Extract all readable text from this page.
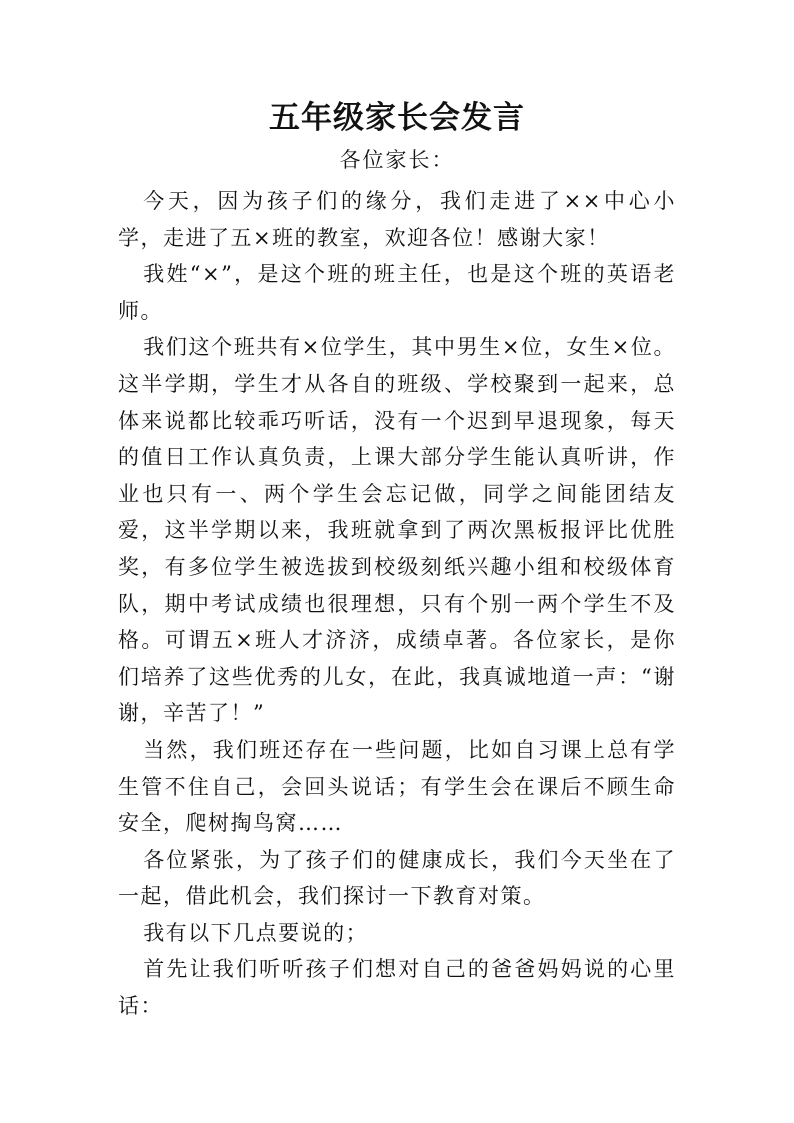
五年级家长会发言
各位家长：

今天，因为孩子们的缘分，我们走进了××中心小学，走进了五×班的教室，欢迎各位！感谢大家！

我姓“×”，是这个班的班主任，也是这个班的英语老师。

我们这个班共有×位学生，其中男生×位，女生×位。这半学期，学生才从各自的班级、学校聚到一起来，总体来说都比较乖巧听话，没有一个迟到早退现象，每天的值日工作认真负责，上课大部分学生能认真听讲，作业也只有一、两个学生会忘记做，同学之间能团结友爱，这半学期以来，我班就拿到了两次黑板报评比优胜奖，有多位学生被选拔到校级刻纸兴趣小组和校级体育队，期中考试成绩也很理想，只有个别一两个学生不及格。可谓五×班人才济济，成绩卓著。各位家长，是你们培养了这些优秀的儿女，在此，我真诚地道一声：“谢谢，辛苦了！”

当然，我们班还存在一些问题，比如自习课上总有学生管不住自己，会回头说话；有学生会在课后不顾生命安全，爬树掏鸟窝……

各位紧张，为了孩子们的健康成长，我们今天坐在了一起，借此机会，我们探讨一下教育对策。

我有以下几点要说的；

首先让我们听听孩子们想对自己的爸爸妈妈说的心里话：
